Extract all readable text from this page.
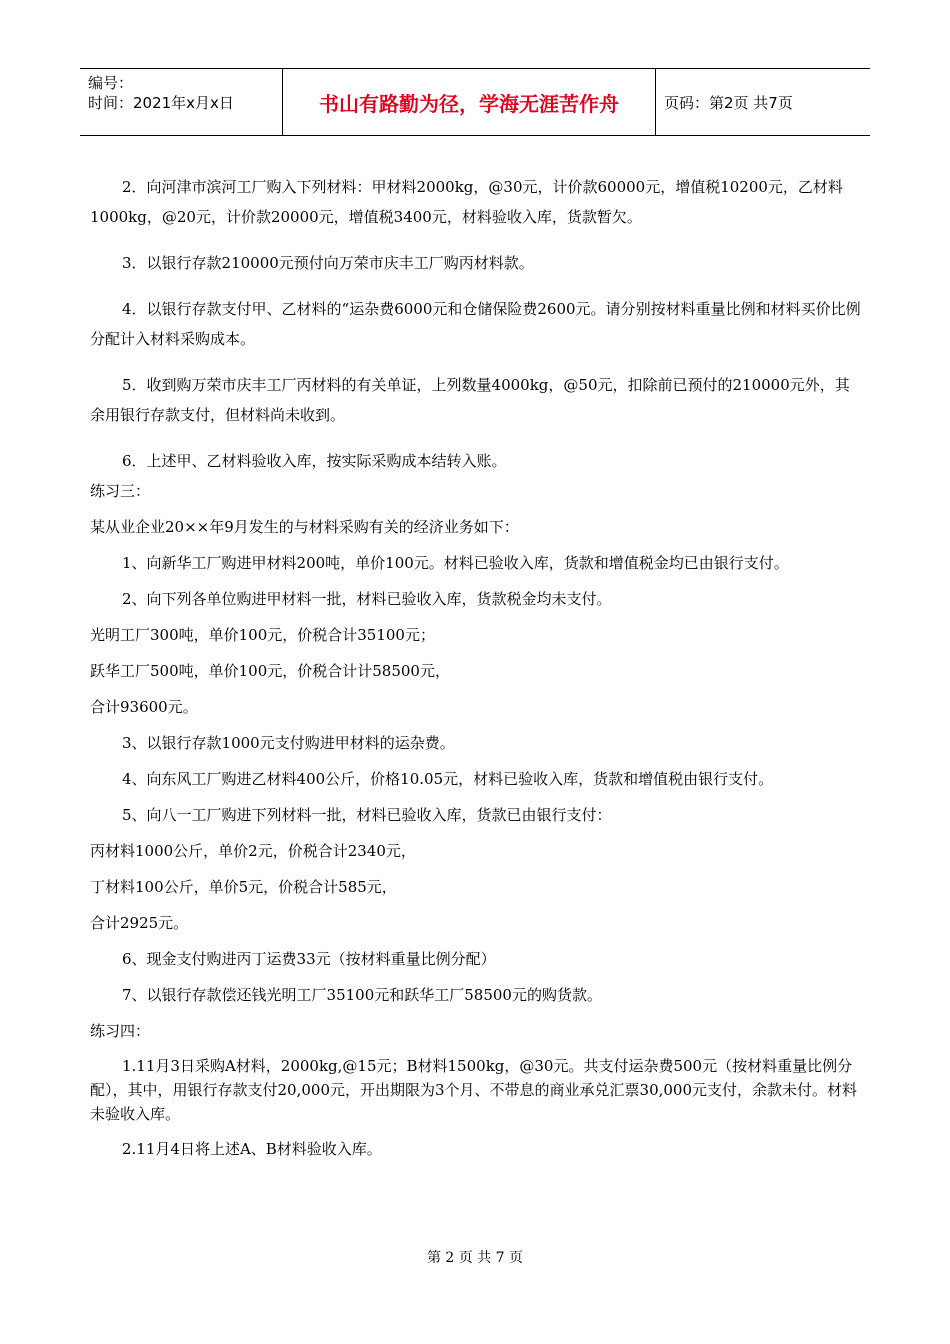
编号：
时间：2021年x月x日	书山有路勤为径，学海无涯苦作舟	页码：第2页 共7页

2．向河津市滨河工厂购入下列材料：甲材料2000kg，@30元，计价款60000元，增值税10200元，乙材料1000kg，@20元，计价款20000元，增值税3400元，材料验收入库，货款暂欠。

3．以银行存款210000元预付向万荣市庆丰工厂购丙材料款。

4．以银行存款支付甲、乙材料的“运杂费6000元和仓储保险费2600元。请分别按材料重量比例和材料买价比例分配计入材料采购成本。

5．收到购万荣市庆丰工厂丙材料的有关单证，上列数量4000kg，@50元，扣除前已预付的210000元外，其余用银行存款支付，但材料尚未收到。

6．上述甲、乙材料验收入库，按实际采购成本结转入账。

练习三：

某从业企业20××年9月发生的与材料采购有关的经济业务如下：

1、向新华工厂购进甲材料200吨，单价100元。材料已验收入库，货款和增值税金均已由银行支付。

2、向下列各单位购进甲材料一批，材料已验收入库，货款税金均未支付。

光明工厂300吨，单价100元，价税合计35100元；

跃华工厂500吨，单价100元，价税合计计58500元，

合计93600元。

3、以银行存款1000元支付购进甲材料的运杂费。

4、向东风工厂购进乙材料400公斤，价格10.05元，材料已验收入库，货款和增值税由银行支付。

5、向八一工厂购进下列材料一批，材料已验收入库，货款已由银行支付：

丙材料1000公斤，单价2元，价税合计2340元，

丁材料100公斤，单价5元，价税合计585元，

合计2925元。

6、现金支付购进丙丁运费33元（按材料重量比例分配）

7、以银行存款偿还钱光明工厂35100元和跃华工厂58500元的购货款。

练习四：

1.11月3日采购A材料，2000kg,@15元；B材料1500kg，@30元。共支付运杂费500元（按材料重量比例分配），其中，用银行存款支付20,000元，开出期限为3个月、不带息的商业承兑汇票30,000元支付，余款未付。材料未验收入库。

2.11月4日将上述A、B材料验收入库。

第 2 页 共 7 页
